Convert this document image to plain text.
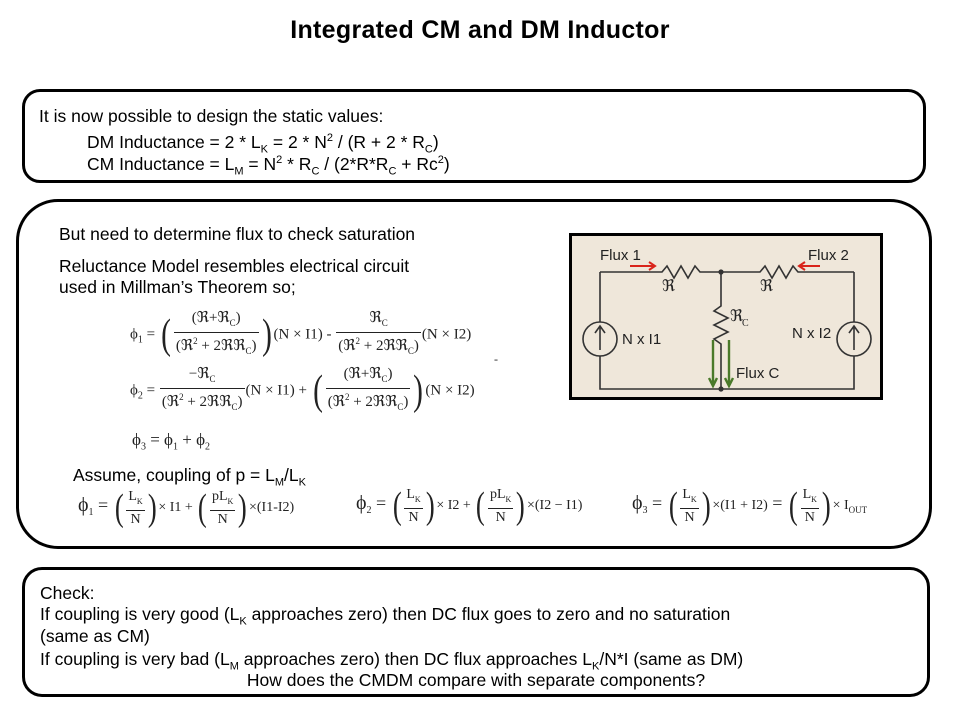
Integrated CM and DM Inductor
It is now possible to design the static values:
DM Inductance = $2 * L_K = 2 * N^2 / (R + 2 * R_C)$
CM Inductance = $L_M = N^2 * R_C / (2*R*R_C + Rc^2)$
But need to determine flux to check saturation
Reluctance Model resembles electrical circuit
used in Millman’s Theorem so;
$\phi_1$ = ( $\frac{(ℜ+ℜ_C)}{(ℜ^2 + 2ℜℜ_C)}$ ) $(N \times I1) - \frac{ℜ_C}{(ℜ^2 + 2ℜℜ_C)} (N \times I2)$
-
$\phi_2 = \frac{-ℜ_C}{(ℜ^2 + 2ℜℜ_C)} (N \times I1)$ + ( $\frac{(ℜ+ℜ_C)}{(ℜ^2 + 2ℜℜ_C)}$ ) (N × I2)
$\phi_3 = \phi_1 + \phi_2$
Assume, coupling of $p = L_M/L_K$
$\phi_1$ = ( $\frac{L_K}{N}$ ) × I1 + ( $\frac{pL_K}{N}$ ) ×(I1-I2)	$\phi_2$ = ( $\frac{L_K}{N}$ ) × I2 + ( $\frac{pL_K}{N}$ ) ×(I2 − I1) $\phi_3$ = ( $\frac{L_K}{N}$ ) ×(I1 + I2) = ( $\frac{L_K}{N}$ ) × $I_{OUT}$
Flux 1	Flux 2
Flux C
ℜ	ℜ
ℜ
C
N x I1	N x I2
Check:
If coupling is very good ($L_K$ approaches zero) then DC flux goes to zero and no saturation
(same as CM)
If coupling is very bad ($L_M$ approaches zero) then DC flux approaches $L_K/N*I$ (same as DM)
How does the CMDM compare with separate components?
